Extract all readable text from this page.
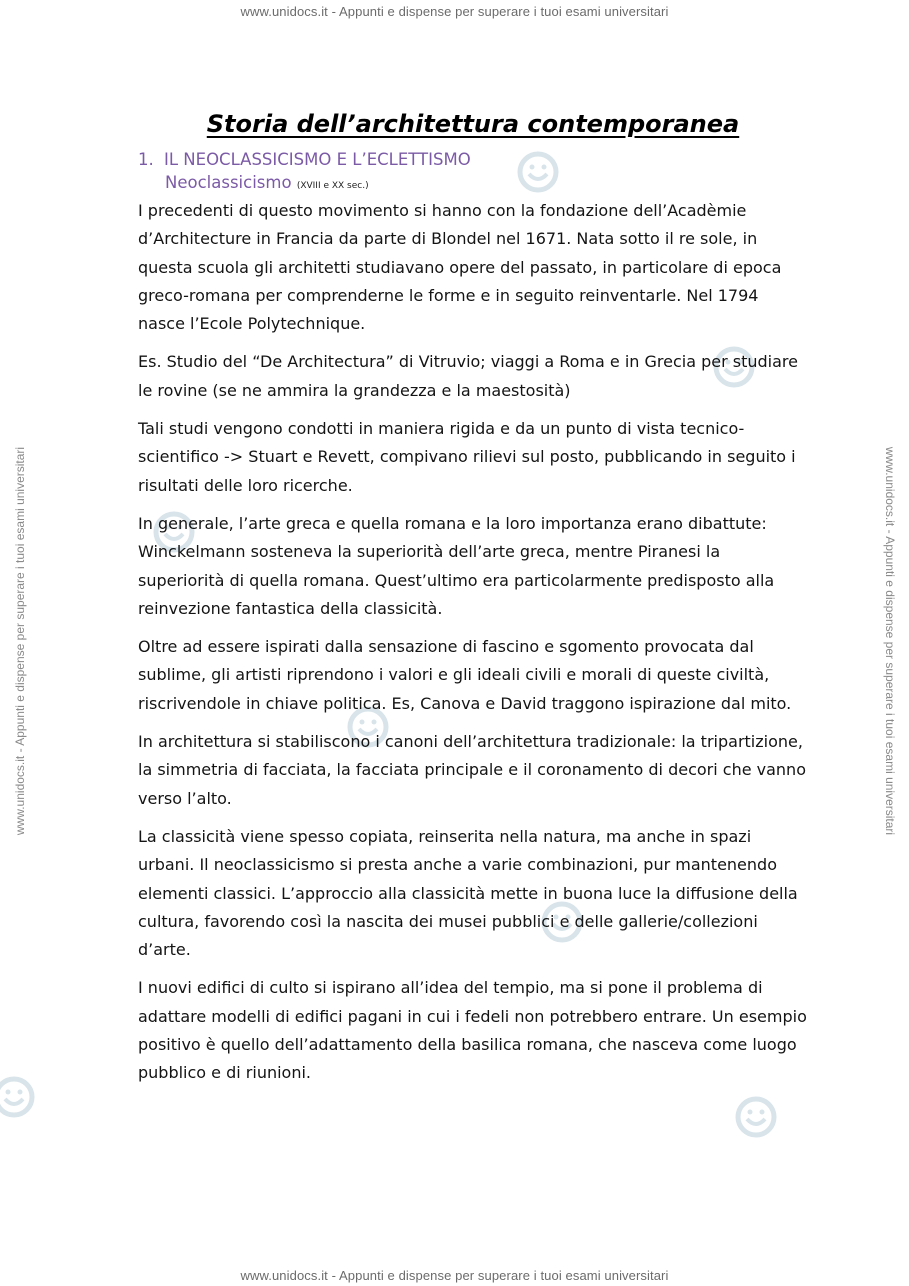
www.unidocs.it - Appunti e dispense per superare i tuoi esami universitari
www.unidocs.it - Appunti e dispense per superare i tuoi esami universitari	www.unidocs.it - Appunti e dispense per superare i tuoi esami universitari
Storia dell’architettura contemporanea
1. IL NEOCLASSICISMO E L’ECLETTISMO
Neoclassicismo (XVIII e XX sec.)

I precedenti di questo movimento si hanno con la fondazione dell’Acadèmie d’Architecture in Francia da parte di Blondel nel 1671. Nata sotto il re sole, in questa scuola gli architetti studiavano opere del passato, in particolare di epoca greco-romana per comprenderne le forme e in seguito reinventarle. Nel 1794 nasce l’Ecole Polytechnique.

Es. Studio del “De Architectura” di Vitruvio; viaggi a Roma e in Grecia per studiare le rovine (se ne ammira la grandezza e la maestosità)

Tali studi vengono condotti in maniera rigida e da un punto di vista tecnico-scientifico -> Stuart e Revett, compivano rilievi sul posto, pubblicando in seguito i risultati delle loro ricerche.

In generale, l’arte greca e quella romana e la loro importanza erano dibattute: Winckelmann sosteneva la superiorità dell’arte greca, mentre Piranesi la superiorità di quella romana. Quest’ultimo era particolarmente predisposto alla reinvezione fantastica della classicità.

Oltre ad essere ispirati dalla sensazione di fascino e sgomento provocata dal sublime, gli artisti riprendono i valori e gli ideali civili e morali di queste civiltà, riscrivendole in chiave politica. Es, Canova e David traggono ispirazione dal mito.

In architettura si stabiliscono i canoni dell’architettura tradizionale: la tripartizione, la simmetria di facciata, la facciata principale e il coronamento di decori che vanno verso l’alto.

La classicità viene spesso copiata, reinserita nella natura, ma anche in spazi urbani. Il neoclassicismo si presta anche a varie combinazioni, pur mantenendo elementi classici. L’approccio alla classicità mette in buona luce la diffusione della cultura, favorendo così la nascita dei musei pubblici e delle gallerie/collezioni d’arte.

I nuovi edifici di culto si ispirano all’idea del tempio, ma si pone il problema di adattare modelli di edifici pagani in cui i fedeli non potrebbero entrare. Un esempio positivo è quello dell’adattamento della basilica romana, che nasceva come luogo pubblico e di riunioni.

www.unidocs.it - Appunti e dispense per superare i tuoi esami universitari
